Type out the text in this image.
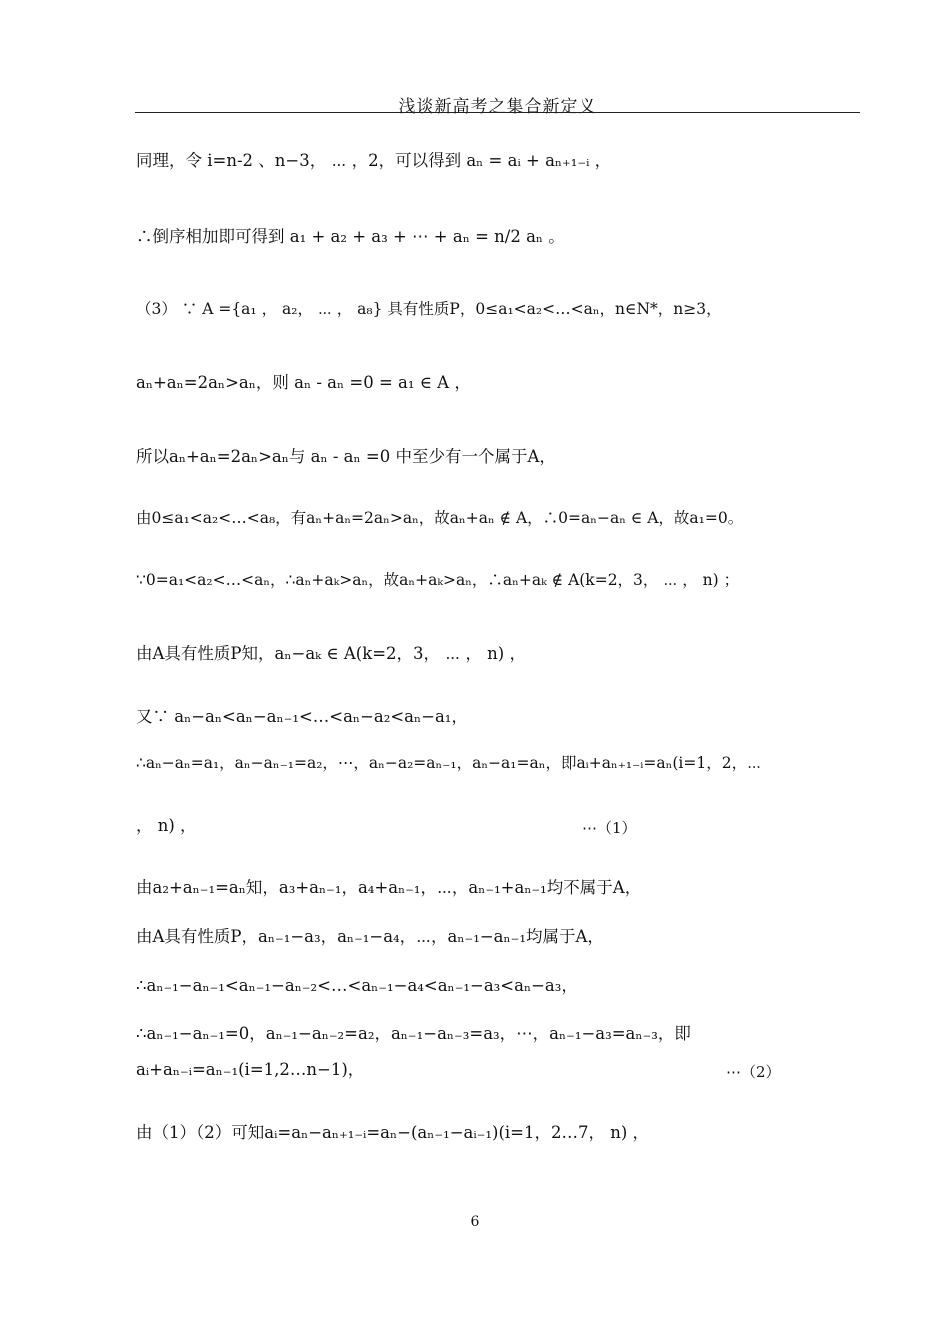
浅谈新高考之集合新定义
同理，令 i=n-2 、n−3， ⋯ ，2，可以得到 aₙ = aᵢ + aₙ₊₁₋ᵢ ，
∴倒序相加即可得到 a₁ + a₂ + a₃ + ⋯ + aₙ = n/2 aₙ 。
（3） ∵ A ={a₁ ， a₂， ⋯ ， a₈} 具有性质P，0≤a₁<a₂<…<aₙ，n∈N*，n≥3，
aₙ+aₙ=2aₙ>aₙ，则 aₙ - aₙ =0 = a₁ ∈ A ，
所以aₙ+aₙ=2aₙ>aₙ与 aₙ - aₙ =0 中至少有一个属于A，
由0≤a₁<a₂<…<a₈，有aₙ+aₙ=2aₙ>aₙ，故aₙ+aₙ ∉ A，∴0=aₙ−aₙ ∈ A，故a₁=0。
∵0=a₁<a₂<…<aₙ，∴aₙ+aₖ>aₙ，故aₙ+aₖ>aₙ，∴aₙ+aₖ ∉ A(k=2，3， ⋯ ， n) ；
由A具有性质P知，aₙ−aₖ ∈ A(k=2，3， ⋯ ， n) ，
又∵ aₙ−aₙ<aₙ−aₙ₋₁<…<aₙ−a₂<aₙ−a₁，
∴aₙ−aₙ=a₁，aₙ−aₙ₋₁=a₂，⋯，aₙ−a₂=aₙ₋₁，aₙ−a₁=aₙ，即aᵢ+aₙ₊₁₋ᵢ=aₙ(i=1，2，⋯
， n) ，	⋯（1）
由a₂+aₙ₋₁=aₙ知，a₃+aₙ₋₁，a₄+aₙ₋₁，⋯，aₙ₋₁+aₙ₋₁均不属于A，
由A具有性质P，aₙ₋₁−a₃，aₙ₋₁−a₄，⋯，aₙ₋₁−aₙ₋₁均属于A，
∴aₙ₋₁−aₙ₋₁<aₙ₋₁−aₙ₋₂<…<aₙ₋₁−a₄<aₙ₋₁−a₃<aₙ−a₃，
∴aₙ₋₁−aₙ₋₁=0，aₙ₋₁−aₙ₋₂=a₂，aₙ₋₁−aₙ₋₃=a₃，⋯，aₙ₋₁−a₃=aₙ₋₃，即
aᵢ+aₙ₋ᵢ=aₙ₋₁(i=1,2…n−1)，	⋯（2）
由（1）（2）可知aᵢ=aₙ−aₙ₊₁₋ᵢ=aₙ−(aₙ₋₁−aᵢ₋₁)(i=1，2…7， n) ，
6
